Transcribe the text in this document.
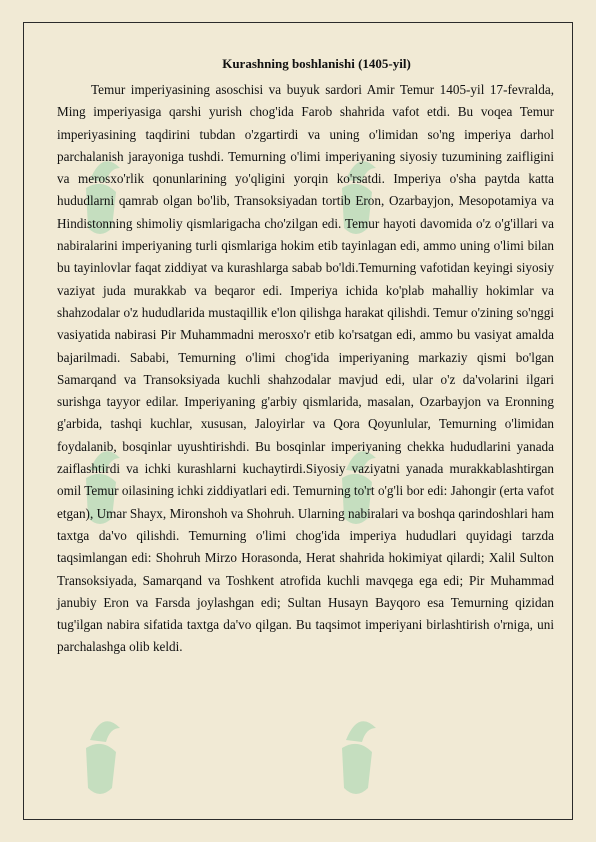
Kurashning boshlanishi (1405-yil)

Temur imperiyasining asoschisi va buyuk sardori Amir Temur 1405-yil 17-fevralda, Ming imperiyasiga qarshi yurish chog'ida Farob shahrida vafot etdi. Bu voqea Temur imperiyasining taqdirini tubdan o'zgartirdi va uning o'limidan so'ng imperiya darhol parchalanish jarayoniga tushdi. Temurning o'limi imperiyaning siyosiy tuzumining zaifligini va merosxo'rlik qonunlarining yo'qligini yorqin ko'rsatdi. Imperiya o'sha paytda katta hududlarni qamrab olgan bo'lib, Transoksiyadan tortib Eron, Ozarbayjon, Mesopotamiya va Hindistonning shimoliy qismlarigacha cho'zilgan edi. Temur hayoti davomida o'z o'g'illari va nabiralarini imperiyaning turli qismlariga hokim etib tayinlagan edi, ammo uning o'limi bilan bu tayinlovlar faqat ziddiyat va kurashlarga sabab bo'ldi.Temurning vafotidan keyingi siyosiy vaziyat juda murakkab va beqaror edi. Imperiya ichida ko'plab mahalliy hokimlar va shahzodalar o'z hududlarida mustaqillik e'lon qilishga harakat qilishdi. Temur o'zining so'nggi vasiyatida nabirasi Pir Muhammadni merosxo'r etib ko'rsatgan edi, ammo bu vasiyat amalda bajarilmadi. Sababi, Temurning o'limi chog'ida imperiyaning markaziy qismi bo'lgan Samarqand va Transoksiyada kuchli shahzodalar mavjud edi, ular o'z da'volarini ilgari surishga tayyor edilar. Imperiyaning g'arbiy qismlarida, masalan, Ozarbayjon va Eronning g'arbida, tashqi kuchlar, xususan, Jaloyirlar va Qora Qoyunlular, Temurning o'limidan foydalanib, bosqinlar uyushtirishdi. Bu bosqinlar imperiyaning chekka hududlarini yanada zaiflashtirdi va ichki kurashlarni kuchaytirdi.Siyosiy vaziyatni yanada murakkablashtirgan omil Temur oilasining ichki ziddiyatlari edi. Temurning to'rt o'g'li bor edi: Jahongir (erta vafot etgan), Umar Shayx, Mironshoh va Shohruh. Ularning nabiralari va boshqa qarindoshlari ham taxtga da'vo qilishdi. Temurning o'limi chog'ida imperiya hududlari quyidagi tarzda taqsimlangan edi: Shohruh Mirzo Horasonda, Herat shahrida hokimiyat qilardi; Xalil Sulton Transoksiyada, Samarqand va Toshkent atrofida kuchli mavqega ega edi; Pir Muhammad janubiy Eron va Farsda joylashgan edi; Sultan Husayn Bayqoro esa Temurning qizidan tug'ilgan nabira sifatida taxtga da'vo qilgan. Bu taqsimot imperiyani birlashtirish o'rniga, uni parchalashga olib keldi.
